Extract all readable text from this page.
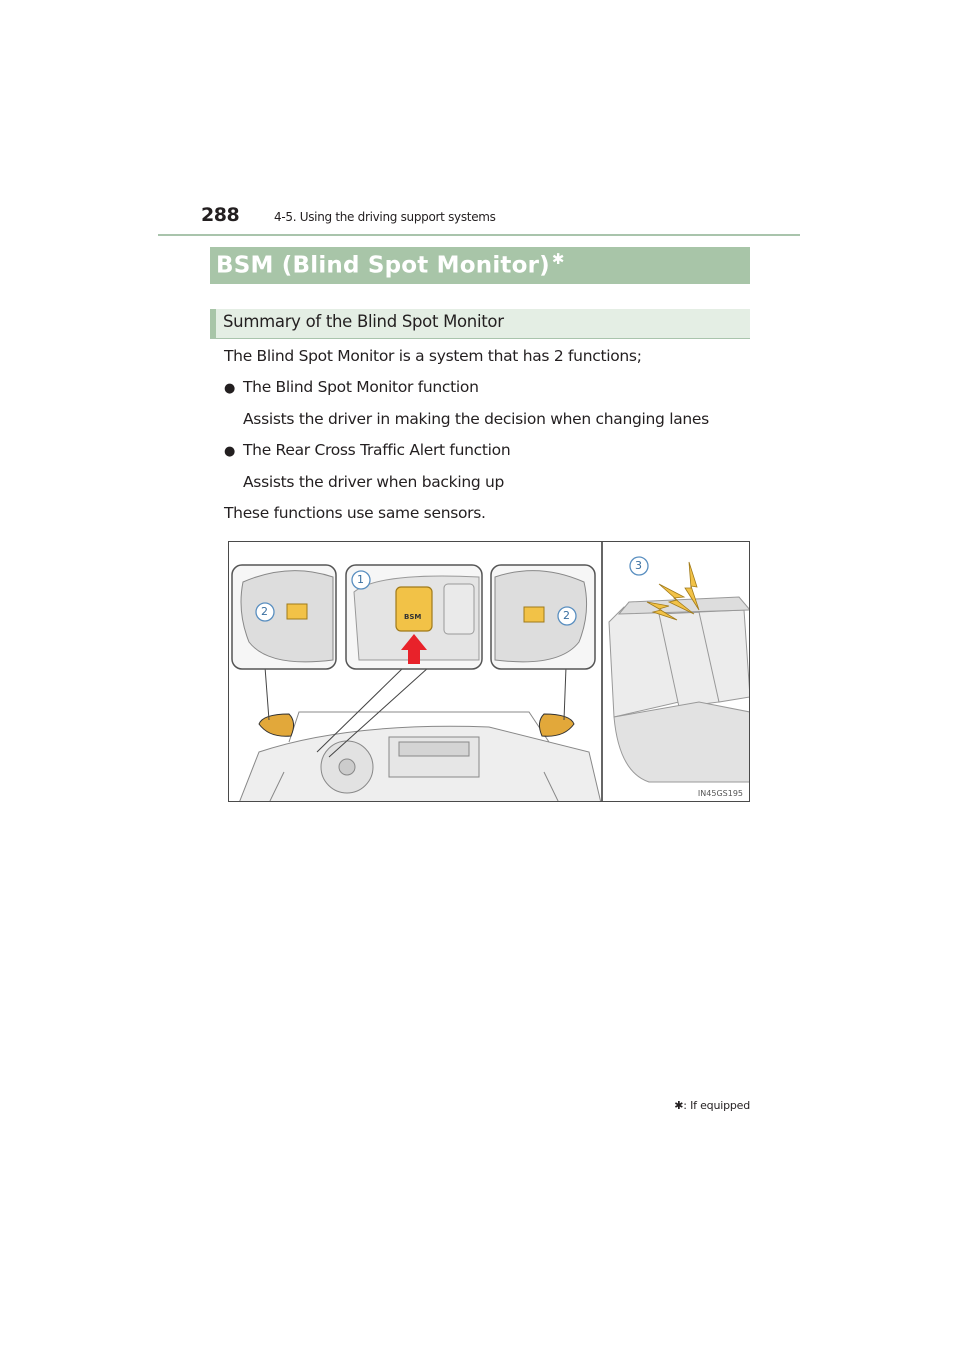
288	4-5. Using the driving support systems
BSM (Blind Spot Monitor) ✱
Summary of the Blind Spot Monitor
The Blind Spot Monitor is a system that has 2 functions;
● The Blind Spot Monitor function
Assists the driver in making the decision when changing lanes
● The Rear Cross Traffic Alert function
Assists the driver when backing up
These functions use same sensors.
BSM
1
2	2
3
IN45GS195
✱: If equipped
